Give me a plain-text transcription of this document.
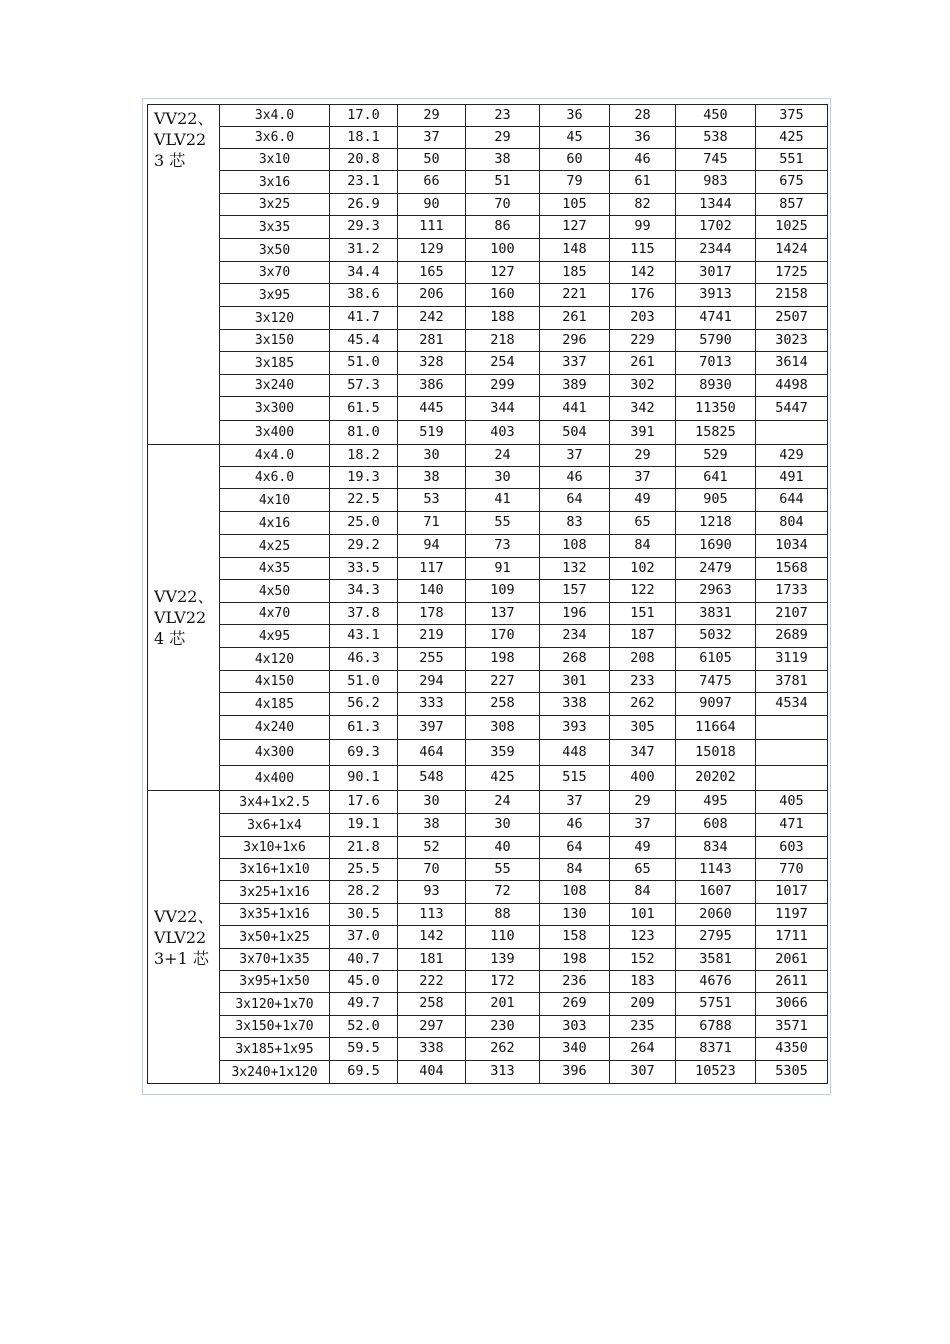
VV22、
VLV22
3 芯	3x4.0	17.0	29	23	36	28	450	375
	3x6.0	18.1	37	29	45	36	538	425
	3x10	20.8	50	38	60	46	745	551
	3x16	23.1	66	51	79	61	983	675
	3x25	26.9	90	70	105	82	1344	857
	3x35	29.3	111	86	127	99	1702	1025
	3x50	31.2	129	100	148	115	2344	1424
	3x70	34.4	165	127	185	142	3017	1725
	3x95	38.6	206	160	221	176	3913	2158
	3x120	41.7	242	188	261	203	4741	2507
	3x150	45.4	281	218	296	229	5790	3023
	3x185	51.0	328	254	337	261	7013	3614
	3x240	57.3	386	299	389	302	8930	4498
	3x300	61.5	445	344	441	342	11350	5447
	3x400	81.0	519	403	504	391	15825	

VV22、
VLV22
4 芯	4x4.0	18.2	30	24	37	29	529	429
	4x6.0	19.3	38	30	46	37	641	491
	4x10	22.5	53	41	64	49	905	644
	4x16	25.0	71	55	83	65	1218	804
	4x25	29.2	94	73	108	84	1690	1034
	4x35	33.5	117	91	132	102	2479	1568
	4x50	34.3	140	109	157	122	2963	1733
	4x70	37.8	178	137	196	151	3831	2107
	4x95	43.1	219	170	234	187	5032	2689
	4x120	46.3	255	198	268	208	6105	3119
	4x150	51.0	294	227	301	233	7475	3781
	4x185	56.2	333	258	338	262	9097	4534
	4x240	61.3	397	308	393	305	11664	
	4x300	69.3	464	359	448	347	15018	
	4x400	90.1	548	425	515	400	20202	

VV22、
VLV22
3+1 芯	3x4+1x2.5	17.6	30	24	37	29	495	405
	3x6+1x4	19.1	38	30	46	37	608	471
	3x10+1x6	21.8	52	40	64	49	834	603
	3x16+1x10	25.5	70	55	84	65	1143	770
	3x25+1x16	28.2	93	72	108	84	1607	1017
	3x35+1x16	30.5	113	88	130	101	2060	1197
	3x50+1x25	37.0	142	110	158	123	2795	1711
	3x70+1x35	40.7	181	139	198	152	3581	2061
	3x95+1x50	45.0	222	172	236	183	4676	2611
	3x120+1x70	49.7	258	201	269	209	5751	3066
	3x150+1x70	52.0	297	230	303	235	6788	3571
	3x185+1x95	59.5	338	262	340	264	8371	4350
	3x240+1x120	69.5	404	313	396	307	10523	5305
